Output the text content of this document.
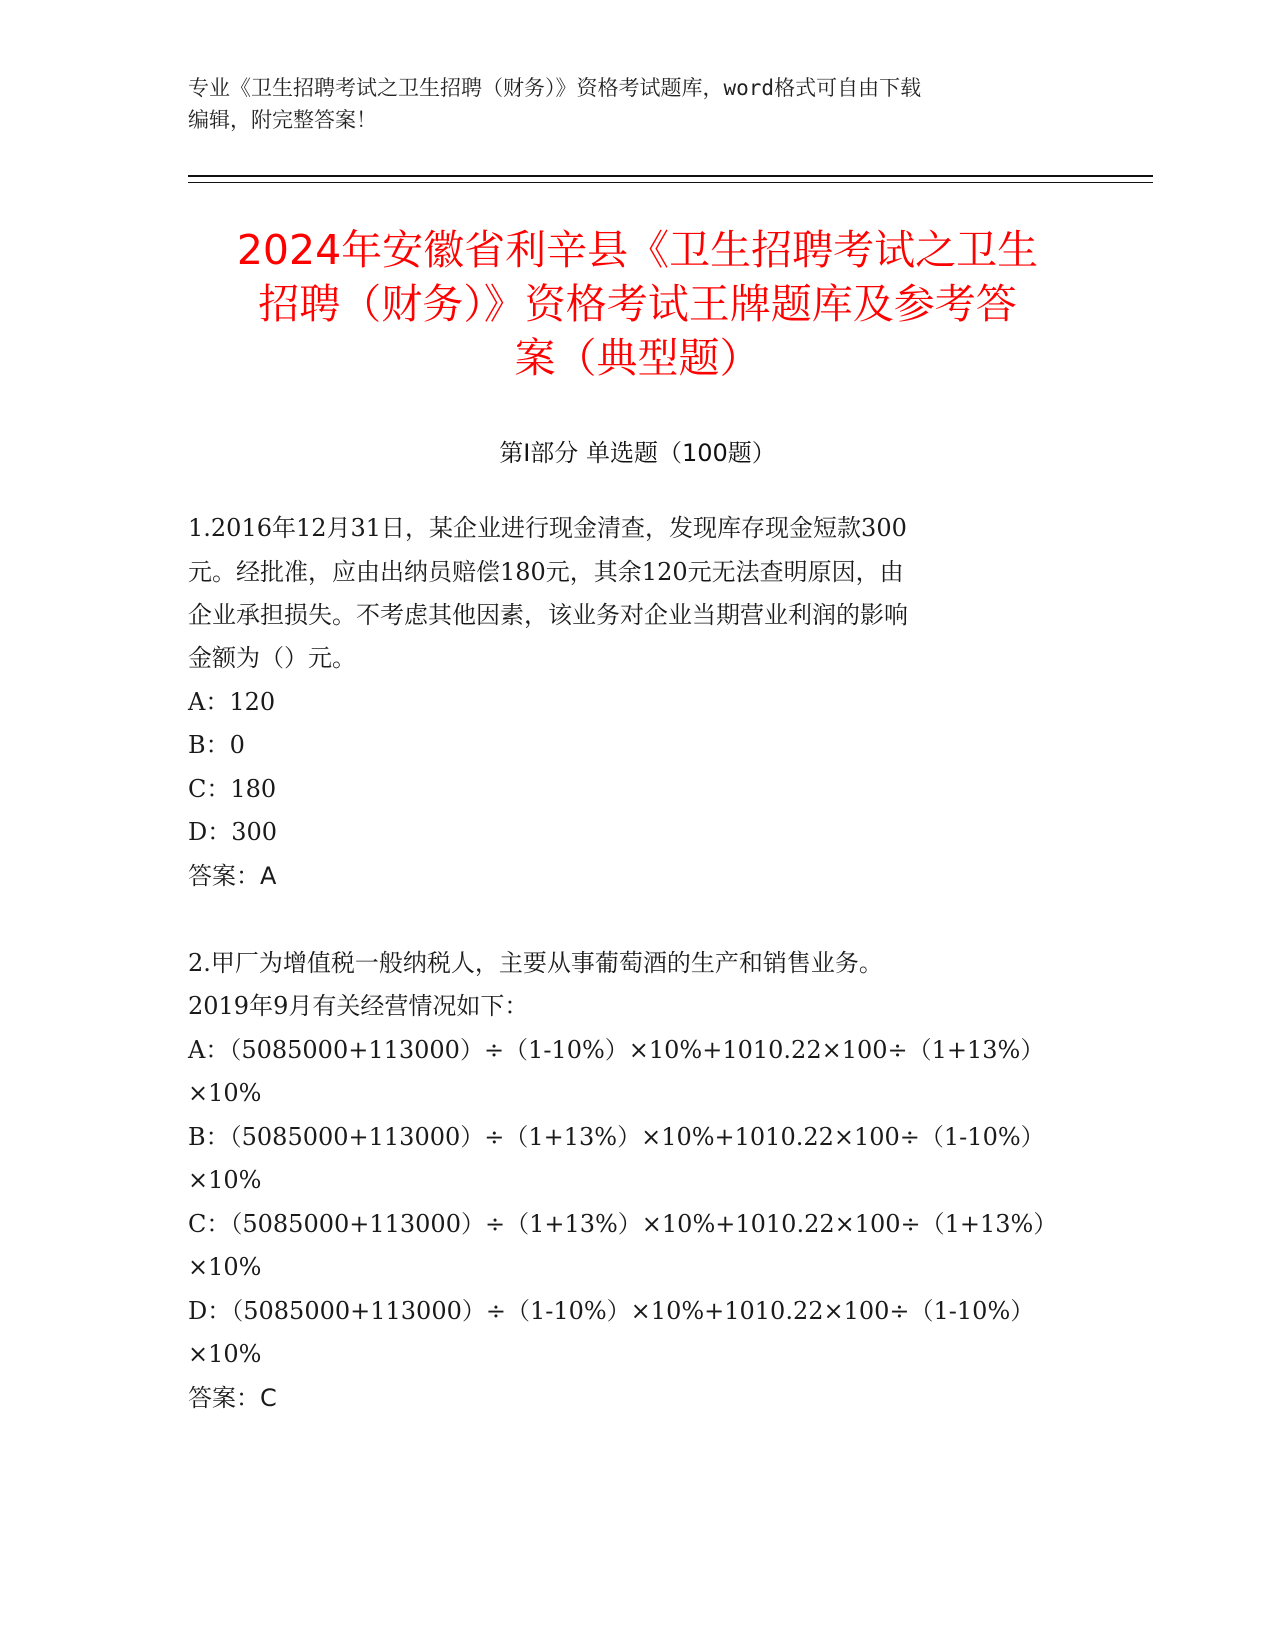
专业《卫生招聘考试之卫生招聘（财务）》资格考试题库，word格式可自由下载
编辑，附完整答案！
2024年安徽省利辛县《卫生招聘考试之卫生
招聘（财务）》资格考试王牌题库及参考答
案（典型题）
第Ⅰ部分 单选题（100题）
1.2016年12月31日，某企业进行现金清查，发现库存现金短款300
元。经批准，应由出纳员赔偿180元，其余120元无法查明原因，由
企业承担损失。不考虑其他因素，该业务对企业当期营业利润的影响
金额为（）元。
A：120
B：0
C：180
D：300
答案：A
2.甲厂为增值税一般纳税人，主要从事葡萄酒的生产和销售业务。
2019年9月有关经营情况如下：
A：（5085000+113000）÷（1-10%）×10%+1010.22×100÷（1+13%）
×10%
B：（5085000+113000）÷（1+13%）×10%+1010.22×100÷（1-10%）
×10%
C：（5085000+113000）÷（1+13%）×10%+1010.22×100÷（1+13%）
×10%
D：（5085000+113000）÷（1-10%）×10%+1010.22×100÷（1-10%）
×10%
答案：C
